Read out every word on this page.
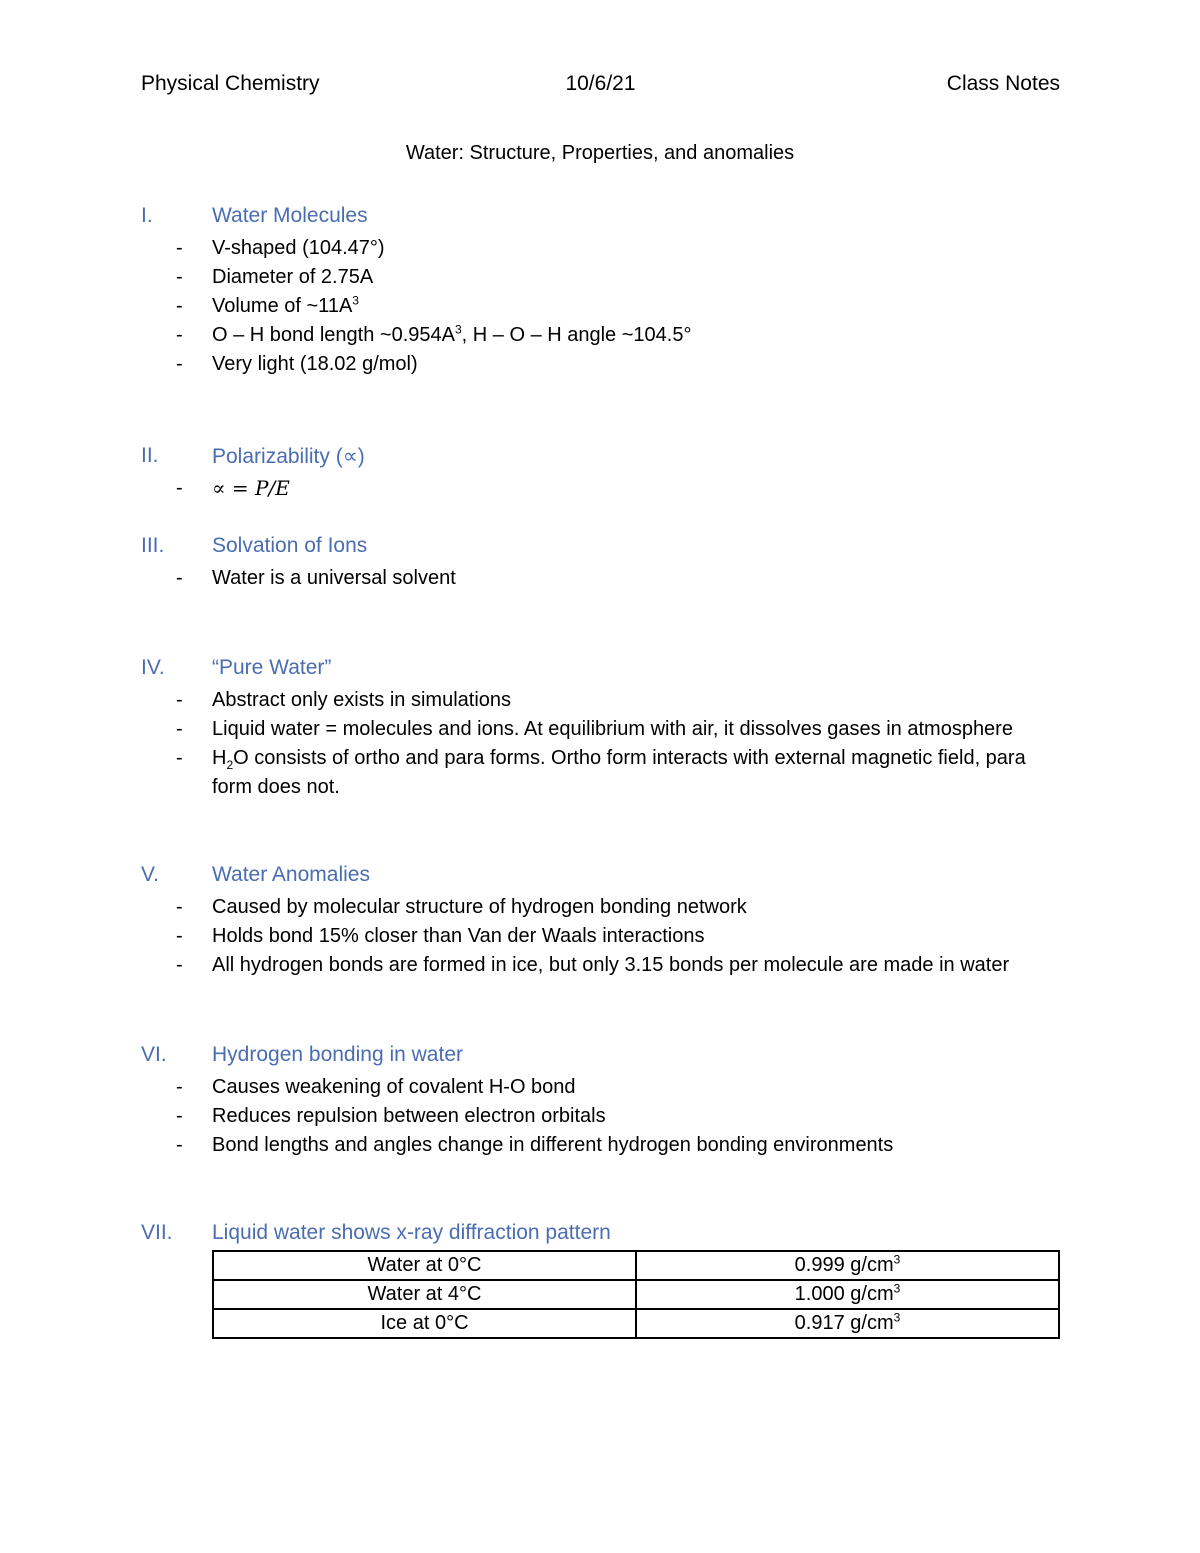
Physical Chemistry	10/6/21	Class Notes
Water: Structure, Properties, and anomalies
I.	Water Molecules
- V-shaped (104.47°)
- Diameter of 2.75A
- Volume of $\sim 11A^3$
- O – H bond length $\sim 0.954A^3$, H – O – H angle ~104.5°
- Very light (18.02 g/mol)
II.	Polarizability (∝)
- ∝ = P/E
III. Solvation of Ions
- Water is a universal solvent
IV. “Pure Water”
- Abstract only exists in simulations
- Liquid water = molecules and ions. At equilibrium with air, it dissolves gases in atmosphere
- $H_2O$ consists of ortho and para forms. Ortho form interacts with external magnetic field, para form does not.
V.	Water Anomalies
- Caused by molecular structure of hydrogen bonding network
- Holds bond 15% closer than Van der Waals interactions
- All hydrogen bonds are formed in ice, but only 3.15 bonds per molecule are made in water
VI. Hydrogen bonding in water
- Causes weakening of covalent H-O bond
- Reduces repulsion between electron orbitals
- Bond lengths and angles change in different hydrogen bonding environments
VII. Liquid water shows x-ray diffraction pattern
Water at 0°C	0.999 $g/cm^3$
Water at 4°C	1.000 $g/cm^3$
Ice at 0°C	0.917 $g/cm^3$
